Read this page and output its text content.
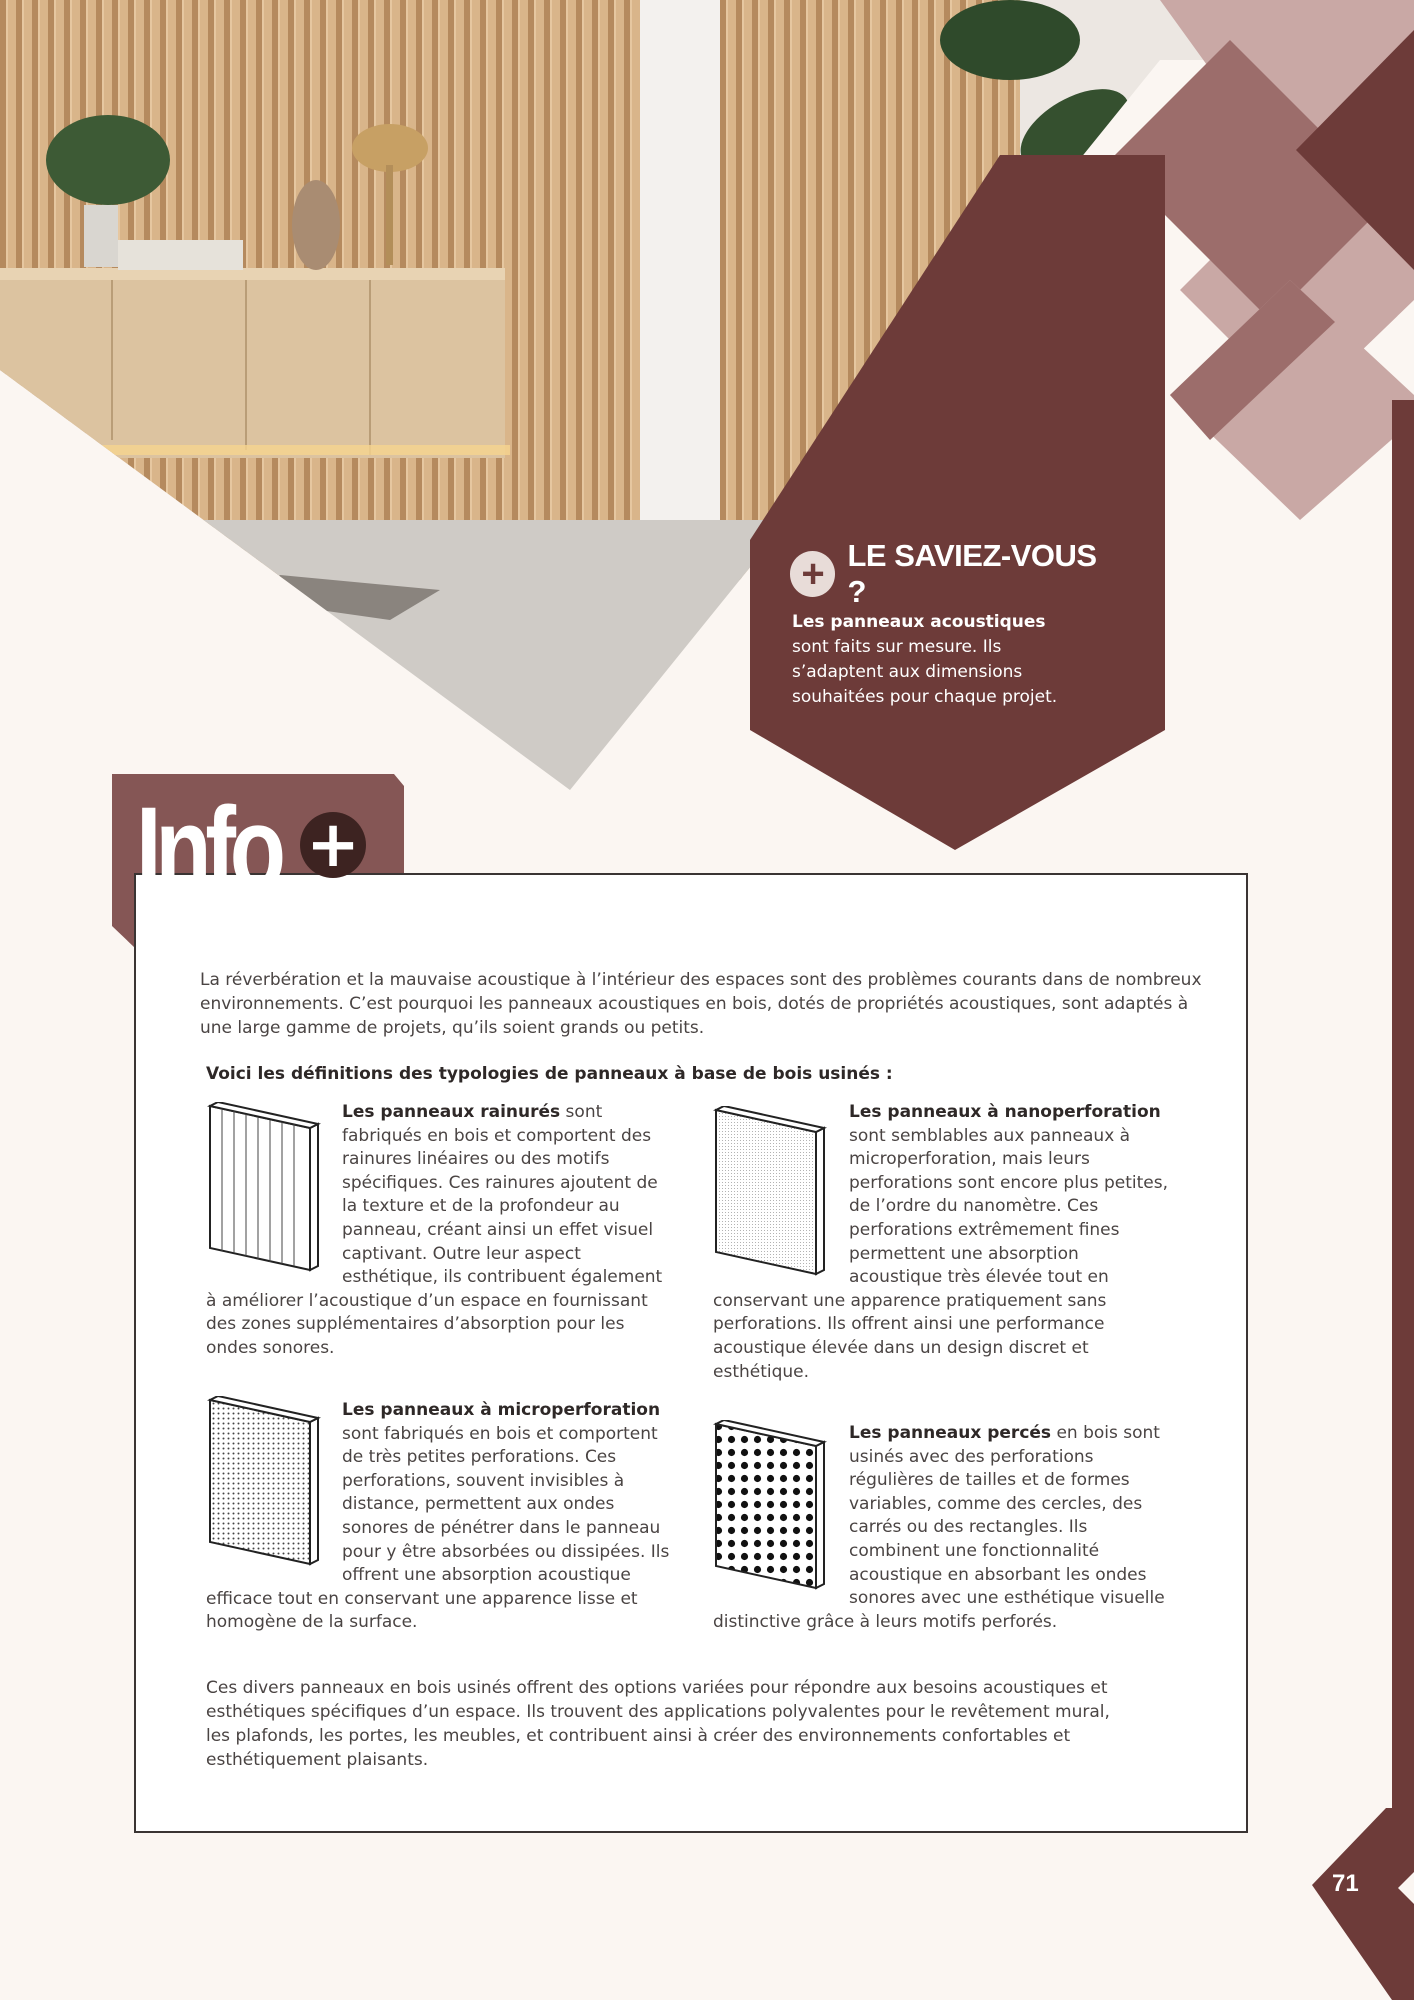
+ LE SAVIEZ-VOUS ?
Les panneaux acoustiques sont faits sur mesure. Ils s’adaptent aux dimensions souhaitées pour chaque projet.
Info +
La réverbération et la mauvaise acoustique à l’intérieur des espaces sont des problèmes courants dans de nombreux environnements. C’est pourquoi les panneaux acoustiques en bois, dotés de propriétés acoustiques, sont adaptés à une large gamme de projets, qu’ils soient grands ou petits.
Voici les définitions des typologies de panneaux à base de bois usinés :
Les panneaux rainurés sont fabriqués en bois et comportent des rainures linéaires ou des motifs spécifiques. Ces rainures ajoutent de la texture et de la profondeur au panneau, créant ainsi un effet visuel captivant. Outre leur aspect esthétique, ils contribuent également à améliorer l’acoustique d’un espace en fournissant des zones supplémentaires d’absorption pour les ondes sonores.
Les panneaux à nanoperforation sont semblables aux panneaux à microperforation, mais leurs perforations sont encore plus petites, de l’ordre du nanomètre. Ces perforations extrêmement fines permettent une absorption acoustique très élevée tout en conservant une apparence pratiquement sans perforations. Ils offrent ainsi une performance acoustique élevée dans un design discret et esthétique.
Les panneaux à microperforation sont fabriqués en bois et comportent de très petites perforations. Ces perforations, souvent invisibles à distance, permettent aux ondes sonores de pénétrer dans le panneau pour y être absorbées ou dissipées. Ils offrent une absorption acoustique efficace tout en conservant une apparence lisse et homogène de la surface.
Les panneaux percés en bois sont usinés avec des perforations régulières de tailles et de formes variables, comme des cercles, des carrés ou des rectangles. Ils combinent une fonctionnalité acoustique en absorbant les ondes sonores avec une esthétique visuelle distinctive grâce à leurs motifs perforés.
Ces divers panneaux en bois usinés offrent des options variées pour répondre aux besoins acoustiques et esthétiques spécifiques d’un espace. Ils trouvent des applications polyvalentes pour le revêtement mural, les plafonds, les portes, les meubles, et contribuent ainsi à créer des environnements confortables et esthétiquement plaisants.
71
